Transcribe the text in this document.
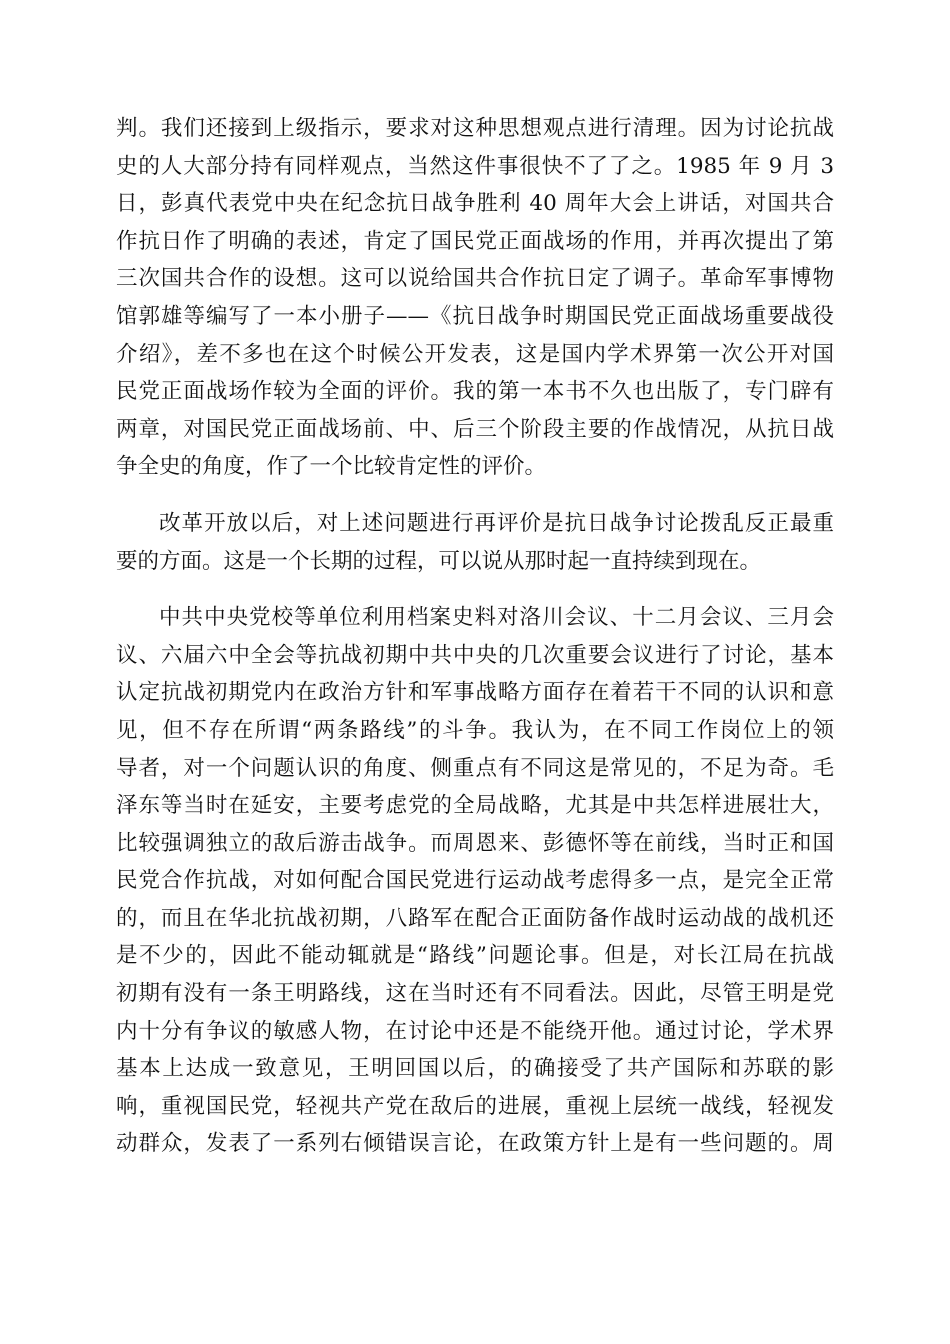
判。我们还接到上级指示，要求对这种思想观点进行清理。因为讨论抗战
史的人大部分持有同样观点，当然这件事很快不了了之。1985 年 9 月 3
日，彭真代表党中央在纪念抗日战争胜利 40 周年大会上讲话，对国共合
作抗日作了明确的表述，肯定了国民党正面战场的作用，并再次提出了第
三次国共合作的设想。这可以说给国共合作抗日定了调子。革命军事博物
馆郭雄等编写了一本小册子——《抗日战争时期国民党正面战场重要战役
介绍》，差不多也在这个时候公开发表，这是国内学术界第一次公开对国
民党正面战场作较为全面的评价。我的第一本书不久也出版了，专门辟有
两章，对国民党正面战场前、中、后三个阶段主要的作战情况，从抗日战
争全史的角度，作了一个比较肯定性的评价。
改革开放以后，对上述问题进行再评价是抗日战争讨论拨乱反正最重
要的方面。这是一个长期的过程，可以说从那时起一直持续到现在。
中共中央党校等单位利用档案史料对洛川会议、十二月会议、三月会
议、六届六中全会等抗战初期中共中央的几次重要会议进行了讨论，基本
认定抗战初期党内在政治方针和军事战略方面存在着若干不同的认识和意
见，但不存在所谓“两条路线”的斗争。我认为，在不同工作岗位上的领
导者，对一个问题认识的角度、侧重点有不同这是常见的，不足为奇。毛
泽东等当时在延安，主要考虑党的全局战略，尤其是中共怎样进展壮大，
比较强调独立的敌后游击战争。而周恩来、彭德怀等在前线，当时正和国
民党合作抗战，对如何配合国民党进行运动战考虑得多一点，是完全正常
的，而且在华北抗战初期，八路军在配合正面防备作战时运动战的战机还
是不少的，因此不能动辄就是“路线”问题论事。但是，对长江局在抗战
初期有没有一条王明路线，这在当时还有不同看法。因此，尽管王明是党
内十分有争议的敏感人物，在讨论中还是不能绕开他。通过讨论，学术界
基本上达成一致意见，王明回国以后，的确接受了共产国际和苏联的影
响，重视国民党，轻视共产党在敌后的进展，重视上层统一战线，轻视发
动群众，发表了一系列右倾错误言论，在政策方针上是有一些问题的。周
